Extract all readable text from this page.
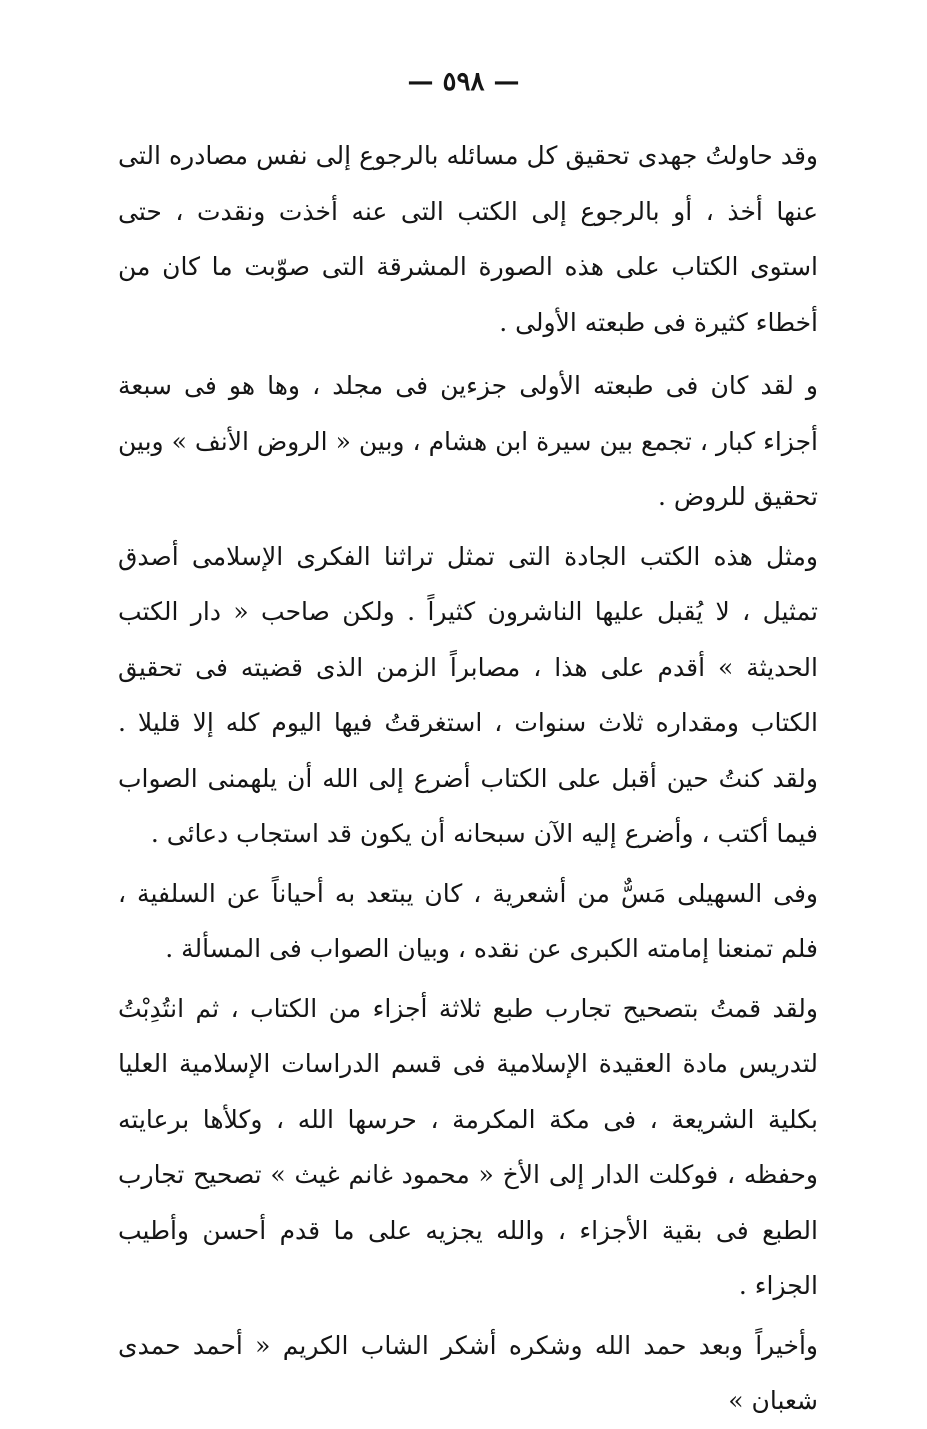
— ٥٩٨ —

وقد حاولتُ جهدى تحقيق كل مسائله بالرجوع إلى نفس مصادره التى عنها أخذ ، أو بالرجوع إلى الكتب التى عنه أخذت ونقدت ، حتى استوى الكتاب على هذه الصورة المشرقة التى صوّبت ما كان من أخطاء كثيرة فى طبعته الأولى .

و لقد كان فى طبعته الأولى جزءين فى مجلد ، وها هو فى سبعة أجزاء كبار ، تجمع بين سيرة ابن هشام ، وبين « الروض الأنف » وبين تحقيق للروض .

ومثل هذه الكتب الجادة التى تمثل تراثنا الفكرى الإسلامى أصدق تمثيل ، لا يُقبل عليها الناشرون كثيراً . ولكن صاحب « دار الكتب الحديثة » أقدم على هذا ، مصابراً الزمن الذى قضيته فى تحقيق الكتاب ومقداره ثلاث سنوات ، استغرقتُ فيها اليوم كله إلا قليلا . ولقد كنتُ حين أقبل على الكتاب أضرع إلى الله أن يلهمنى الصواب فيما أكتب ، وأضرع إليه الآن سبحانه أن يكون قد استجاب دعائى .

وفى السهيلى مَسٌّ من أشعرية ، كان يبتعد به أحياناً عن السلفية ، فلم تمنعنا إمامته الكبرى عن نقده ، وبيان الصواب فى المسألة .

ولقد قمتُ بتصحيح تجارب طبع ثلاثة أجزاء من الكتاب ، ثم انتُدِبْتُ لتدريس مادة العقيدة الإسلامية فى قسم الدراسات الإسلامية العليا بكلية الشريعة ، فى مكة المكرمة ، حرسها الله ، وكلأها برعايته وحفظه ، فوكلت الدار إلى الأخ « محمود غانم غيث » تصحيح تجارب الطبع فى بقية الأجزاء ، والله يجزيه على ما قدم أحسن وأطيب الجزاء .

وأخيراً وبعد حمد الله وشكره أشكر الشاب الكريم « أحمد حمدى شعبان »
